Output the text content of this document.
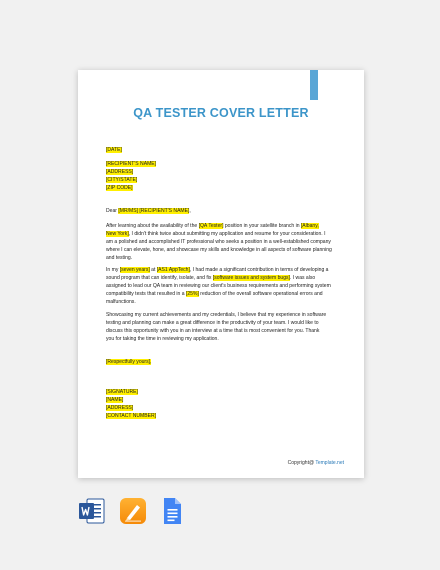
QA TESTER COVER LETTER
[DATE]
[RECIPIENT'S NAME]
[ADDRESS]
[CITY/STATE]
[ZIP CODE]
Dear [MR/MS] [RECIPIENT'S NAME],
After learning about the availability of the [QA Tester] position in your satellite branch in [Albany,
New York], I didn't think twice about submitting my application and resume for your consideration. I
am a polished and accomplished IT professional who seeks a position in a well-established company
where I can elevate, hone, and showcase my skills and knowledge in all aspects of software planning
and testing.
In my [seven years] at [AS1 AppTech], I had made a significant contribution in terms of developing a
sound program that can identify, isolate, and fix [software issues and system bugs]. I was also
assigned to lead our QA team in reviewing our client's business requirements and performing system
compatibility tests that resulted in a [25%] reduction of the overall software operational errors and
malfunctions.
Showcasing my current achievements and my credentials, I believe that my experience in software
testing and planning can make a great difference in the productivity of your team. I would like to
discuss this opportunity with you in an interview at a time that is most convenient for you. Thank
you for taking the time in reviewing my application.
[Respectfully yours],
[SIGNATURE]
[NAME]
[ADDRESS]
[CONTACT NUMBER]
Copyright@ Template.net
